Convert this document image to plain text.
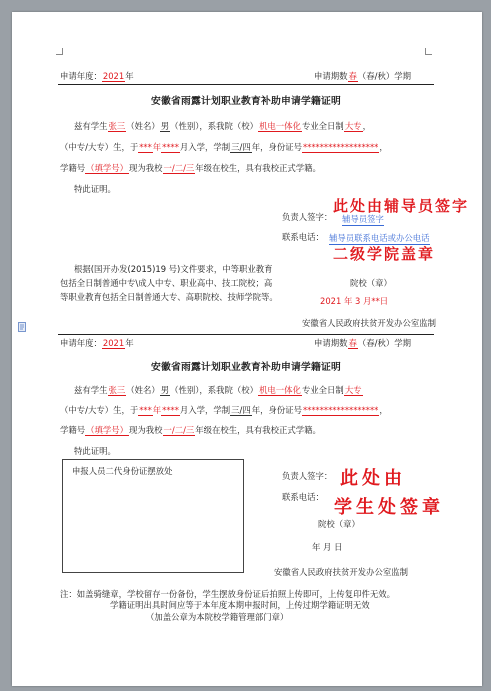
申请年度：2021年	申请期数春（春/秋）学期
安徽省雨露计划职业教育补助申请学籍证明
兹有学生张三（姓名）男（性别），系我院（校）机电一体化专业全日制大专，
（中专/大专）生，于***年****月入学，学制三/四年，身份证号******************，
学籍号（填学号）现为我校一/二/三年级在校生，具有我校正式学籍。
特此证明。
负责人签字： 辅导员签字
联系电话： 辅导员联系电话或办公电话
此处由辅导员签字
二级学院盖章
根据(国开办发(2015)19 号)文件要求，中等职业教育
包括全日制普通中专\成人中专、职业高中、技工院校；高	院校（章）
等职业教育包括全日制普通大专、高职院校、技师学院等。	2021 年 3 月**日
安徽省人民政府扶贫开发办公室监制
申请年度：2021年	申请期数春（春/秋）学期
安徽省雨露计划职业教育补助申请学籍证明
兹有学生张三（姓名）男（性别），系我院（校）机电一体化专业全日制大专
（中专/大专）生，于***年****月入学，学制三/四年，身份证号******************，
学籍号（填学号）现为我校一/二/三年级在校生，具有我校正式学籍。
特此证明。
申报人员二代身份证摆放处	负责人签字：
联系电话：
此处由
学生处签章
院校（章）
年 月 日
安徽省人民政府扶贫开发办公室监制
注：如盖骑缝章，学校留存一份备份，学生摆放身份证后拍照上传即可，上传复印件无效。
学籍证明出具时间应等于本年度本期申报时间，上传过期学籍证明无效
（加盖公章为本院校学籍管理部门章）
